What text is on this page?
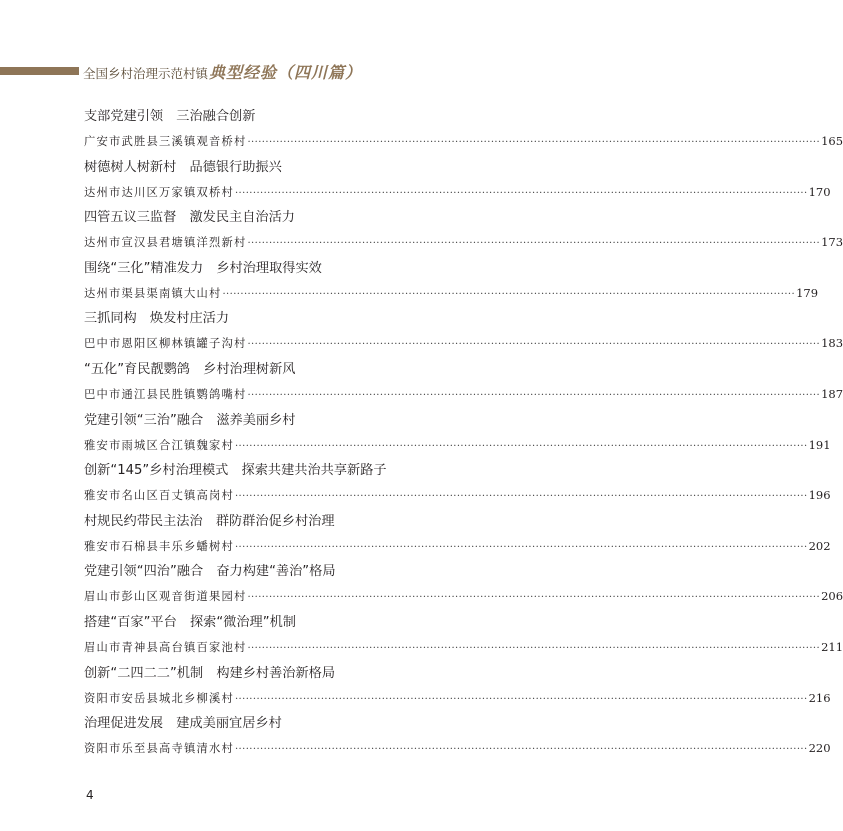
全国乡村治理示范村镇 典型经验（四川篇）
支部党建引领　三治融合创新
广安市武胜县三溪镇观音桥村 ································································································································································ 165
树德树人树新村　品德银行助振兴
达州市达川区万家镇双桥村 ································································································································································ 170
四管五议三监督　激发民主自治活力
达州市宣汉县君塘镇洋烈新村 ································································································································································ 173
围绕“三化”精准发力　乡村治理取得实效
达州市渠县渠南镇大山村 ································································································································································ 179
三抓同构　焕发村庄活力
巴中市恩阳区柳林镇罐子沟村 ································································································································································ 183
“五化”育民靓鹦鸽　乡村治理树新风
巴中市通江县民胜镇鹦鸽嘴村 ································································································································································ 187
党建引领“三治”融合　滋养美丽乡村
雅安市雨城区合江镇魏家村 ································································································································································ 191
创新“145”乡村治理模式　探索共建共治共享新路子
雅安市名山区百丈镇高岗村 ································································································································································ 196
村规民约带民主法治　群防群治促乡村治理
雅安市石棉县丰乐乡蟠树村 ································································································································································ 202
党建引领“四治”融合　奋力构建“善治”格局
眉山市彭山区观音街道果园村 ································································································································································ 206
搭建“百家”平台　探索“微治理”机制
眉山市青神县高台镇百家池村 ································································································································································ 211
创新“二四二二”机制　构建乡村善治新格局
资阳市安岳县城北乡柳溪村 ································································································································································ 216
治理促进发展　建成美丽宜居乡村
资阳市乐至县高寺镇清水村 ································································································································································ 220
4
